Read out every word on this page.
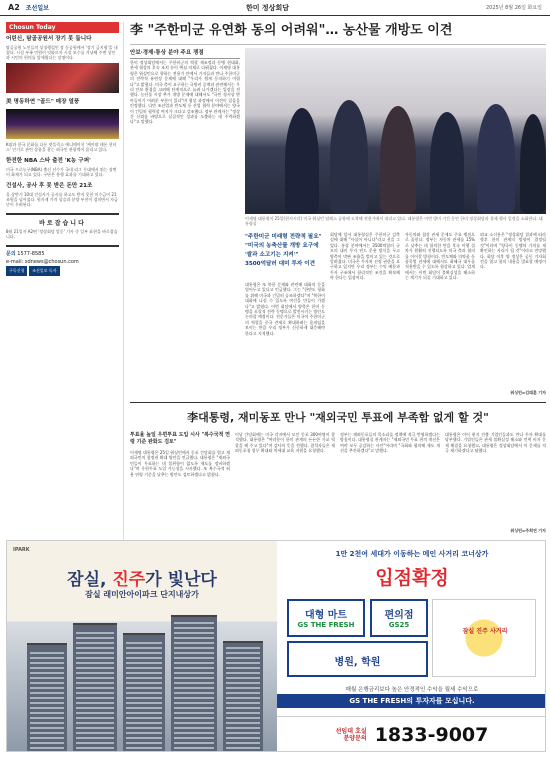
A2 조선일보	한미 정상회담	2025년 8월 26일 화요일
Chosun Today
어린신, 탐골공원서 장기 못 둡니다
탑골공원 노인들의 상징행렬인 장 동공원에서 '장기 금지령'을 내렸다. 시설 부족 민원이 잇따르자 시설 보수를 겨냥해 주변 상인과 시민의 편의를 앞세웠다는 설명이다.
美 명동하연 "골드" 매장 열풍
K팝과 한국 문화를 다룬 넷플릭스 애니메이션 '케이팝 데몬 헌터스' 인기로 관련 상품을 찾는 외국인 관광객이 몰리고 있다.
한전한 NBA 스타 출전 'K농 구퍼'
미국 프로농구(NBA) 출신 선수가 국내 리그 무대에서 뛰는 장면이 화제가 되고 있다. 구단은 흥행 효과를 기대하고 있다.
건설사, 공사 후 못 받은 돈만 21조
올 상반기 10대 건설사가 공사를 하고도 받지 못한 미수금이 21조원을 넘어섰다. 원자재 가격 상승과 분양 부진이 겹치면서 자금난이 우려된다.
바로잡습니다
8월 21일자 A2면 '정상회담 앞둔' 기사 중 일부 표현을 바로잡습니다.
문의 1577-8585
e-mail: sdnews@chosun.com
구독신청 조선일보 독자
李 "주한미군 유연화 동의 어려워"… 농산물 개방도 이견
안보·경제·통상 분야 주요 쟁점
한미 정상회담에서는 주한미군의 역할 재조정과 동맹 현대화, 관세 협상의 후속 조치 등이 핵심 의제로 다뤄졌다. 이재명 대통령은 워싱턴으로 향하는 전용기 안에서 기자들과 만나 주한미군의 전략적 유연성 문제에 대해 "우리가 쉽게 동의하기 어렵다"고 밝혔다. 미국 측이 요구하는 국방비 증액과 관련해서는 우리 안보 환경을 고려해 단계적으로 늘려 나가겠다는 입장을 전했다. 농산물 시장 추가 개방 문제에 대해서도 "국민 정서상 받아들이기 어려운 부분이 있다"며 협상 과정에서 이견이 있음을 인정했다. 다만 조선업과 반도체 등 산업 협력 분야에서는 양국이 긴밀히 협력할 여지가 크다고 강조했다. 정부 관계자는 "정상 간 신뢰를 바탕으로 실질적인 성과를 도출하는 데 주력하겠다"고 말했다.
이재명 대통령이 25일(현지시각) 미국 워싱턴 덜레스 공항에 도착해 전용기에서 내리고 있다. 대통령은 이번 방미 기간 동안 한미 정상회담과 경제 행사 일정을 소화한다. 대통령실
"주한미군 미래형 전략적 필요"
"미국의 농축산물 개방 요구에 '쌀과 소고기는 지켜'"
3500억달러 대미 투자 이견
대통령은 또 북한 문제와 관련해 대화의 문을 열어두고 있다고 언급했다. 그는 "한반도 평화를 위해 미국과 긴밀히 공조하겠다"며 "북한이 대화에 나설 수 있도록 여건을 만들어 가겠다"고 밝혔다. 이번 회담에서 양측은 한미 동맹을 포괄적 전략 동맹으로 발전시키는 방안도 논의할 예정이다. 전문가들은 미국이 주한미군의 역할을 중국 견제로 확대하려는 움직임을 보이는 만큼 우리 정부가 신중하게 대응해야 한다고 지적했다.
회담에 앞서 대통령실은 주한미군 감축설에 대해 "사실이 아니다"라고 선을 그었다. 통상 분야에서는 3500억달러 규모의 대미 투자 펀드 운용 방식을 두고 양측이 막판 조율을 벌이고 있는 것으로 알려졌다. 미국은 투자처 선정 권한을 요구하고 있지만 우리 정부는 수익 배분과 투자 구조에서 합리적인 조건을 확보해야 한다는 입장이다.
자동차와 철강 관세 문제도 주요 쟁점으로 꼽힌다. 정부는 자동차 관세를 15%로 낮추는 데 합의한 만큼 후속 이행 절차가 원활히 진행되도록 미국 측과 협의를 이어갈 방침이다. 반도체와 의약품 등 품목별 관세에 대해서도 최혜국 대우를 적용받을 수 있도록 협상하고 있다. 업계에서는 이번 회담이 불확실성을 해소하는 계기가 되길 기대하고 있다.
외교 소식통은 "정상회담 결과에 따라 향후 한미 관계의 방향이 결정될 것"이라며 "양국이 동맹의 가치를 재확인하는 자리가 될 것"이라고 전망했다. 회담 이후 양 정상은 공동 기자회견을 열고 합의 내용을 발표할 예정이다.
워싱턴=김태훈 기자
李대통령, 재미동포 만나 "재외국민 투표에 부족함 없게 할 것"
투표율 높일 우편투표 도입 시사 "복수국적 연령 기준 완화도 검토"
이재명 대통령은 25일 워싱턴에서 동포 간담회를 열고 재외국민의 참정권 확대 방안을 언급했다. 대통령은 "재외국민들이 투표하는 데 불편함이 없도록 제도를 정비하겠다"며 우편투표 도입 가능성을 시사했다. 또 복수국적 허용 연령 기준을 낮추는 방안도 검토하겠다고 밝혔다.
이날 간담회에는 미국 각지에서 모인 동포 300여명이 참석했다. 대통령은 "여러분이 한미 관계의 든든한 가교 역할을 해 주고 있다"며 감사의 뜻을 전했다. 참석자들은 재외동포청 업무 확대와 차세대 교육 지원을 요청했다.
정부는 재외동포들의 목소리를 정책에 적극 반영하겠다는 방침이다. 대통령실 관계자는 "재외국민 투표 편의 개선은 여야 모두 공감하는 사안"이라며 "국회와 협의해 제도 개선을 추진하겠다"고 말했다.
대통령은 이어 현지 진출 기업인들과도 만나 투자 확대를 당부했다. 기업인들은 관세 불확실성 해소와 인력 비자 문제 해결을 요청했고, 대통령은 정상회담에서 이 문제를 적극 제기하겠다고 답했다.
워싱턴=주희연 기자
IPARK
잠실, 진주가 빛난다
잠실 래미안아이파크 단지내상가
1만 2천여 세대가 이동하는 메인 사거리 코너상가
입점확정
대형 마트
GS THE FRESH
편의점
GS25
병원, 학원
잠실 진주 사거리
매월 은행금리보다 높은 안정적인 수익을 월세 수익으로
GS THE FRESH의 투자자를 모십니다.
선임대 호실
분양문의 1833-9007
